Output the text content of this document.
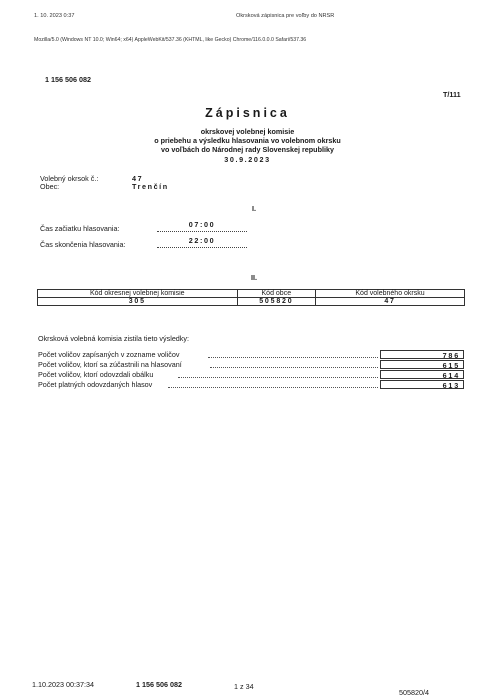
1. 10. 2023 0:37	Okrsková zápisnica pre voľby do NRSR
Mozilla/5.0 (Windows NT 10.0; Win64; x64) AppleWebKit/537.36 (KHTML, like Gecko) Chrome/116.0.0.0 Safari/537.36
1 156 506 082
T/111
Zápisnica
okrskovej volebnej komisie
o priebehu a výsledku hlasovania vo volebnom okrsku
vo voľbách do Národnej rady Slovenskej republiky
30.9.2023
Volebný okrsok č.:	47
Obec:	Trenčín
I.
Čas začiatku hlasovania:	07:00
Čas skončenia hlasovania:	22:00
II.
Kód okresnej volebnej komisie	Kód obce	Kód volebného okrsku
305	505820	47
Okrsková volebná komisia zistila tieto výsledky:
Počet voličov zapísaných v zozname voličov	786
Počet voličov, ktorí sa zúčastnili na hlasovaní	615
Počet voličov, ktorí odovzdali obálku	614
Počet platných odovzdaných hlasov	613
1.10.2023 00:37:34	1 156 506 082	1 z 34
505820/4
